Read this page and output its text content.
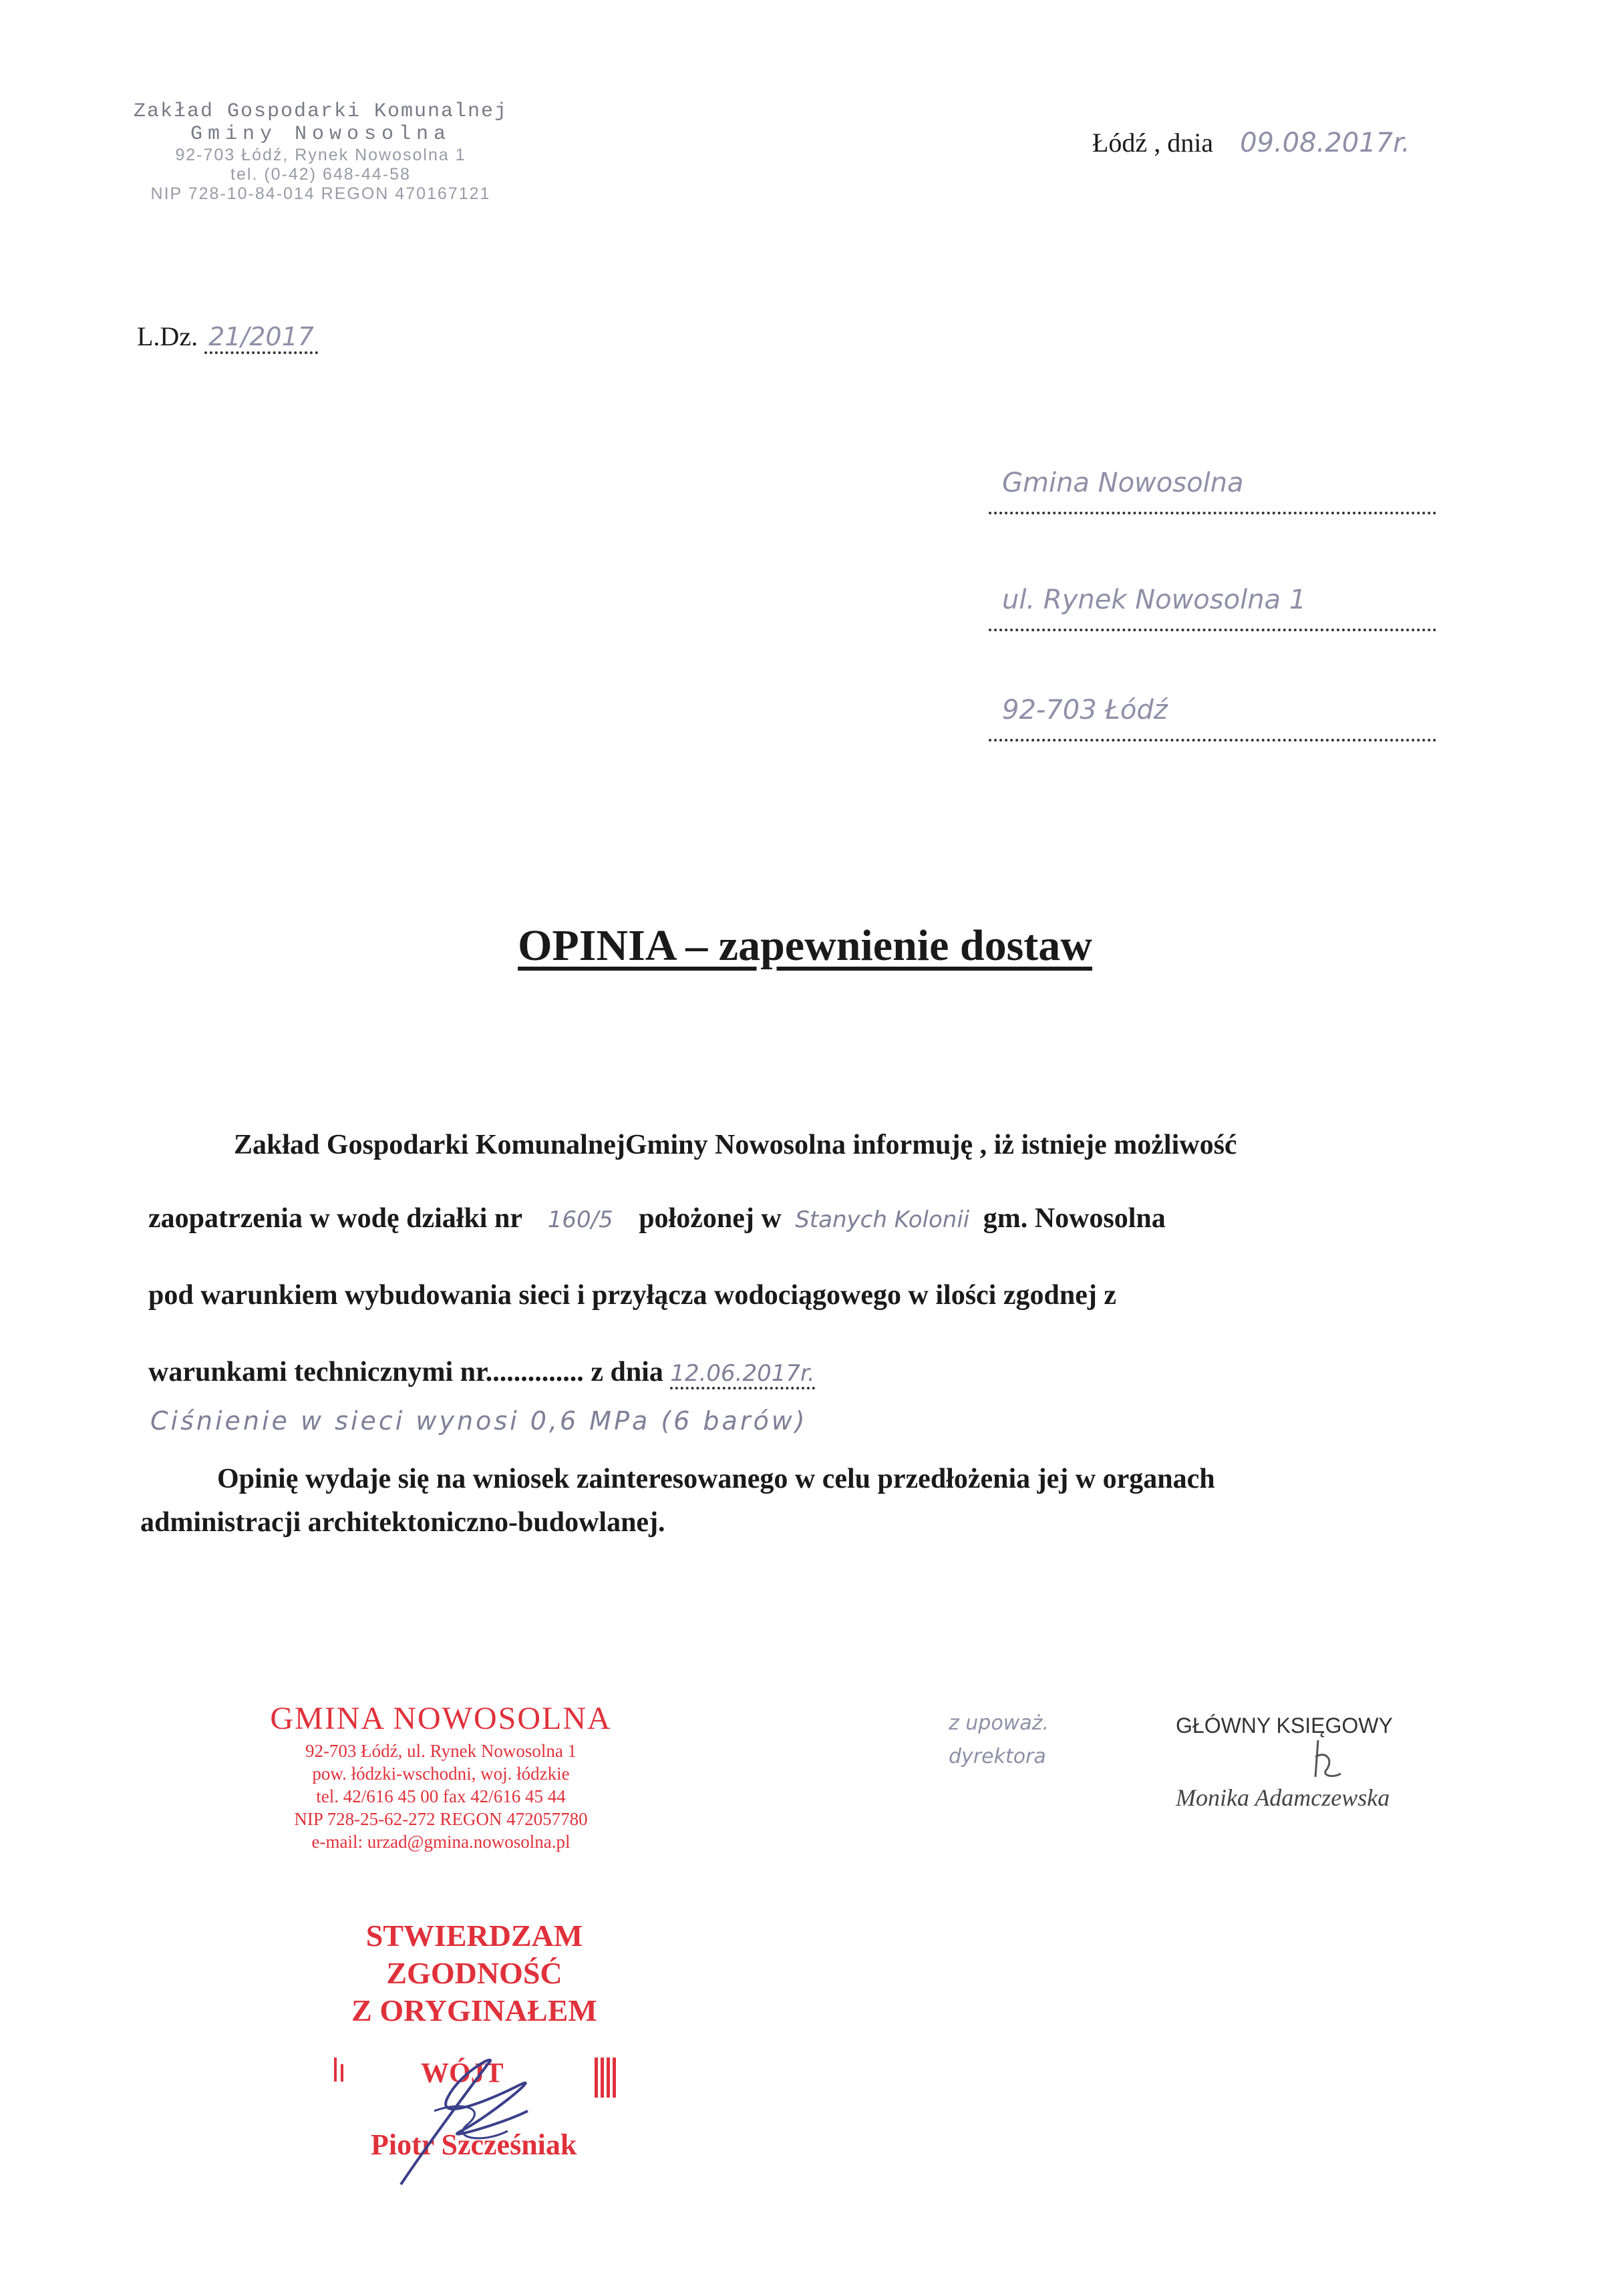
Zakład Gospodarki Komunalnej
Gminy Nowosolna
92-703 Łódź, Rynek Nowosolna 1
tel. (0-42) 648-44-58
NIP 728-10-84-014 REGON 470167121
Łódź , dnia 09.08.2017r.
L.Dz. 21/2017
Gmina Nowosolna
ul. Rynek Nowosolna 1
92-703 Łódź
OPINIA – zapewnienie dostaw
Zakład Gospodarki KomunalnejGminy Nowosolna informuję , iż istnieje możliwość
zaopatrzenia w wodę działki nr 160/5 położonej w Stanych Kolonii gm. Nowosolna
pod warunkiem wybudowania sieci i przyłącza wodociągowego w ilości zgodnej z
warunkami technicznymi nr.............. z dnia 12.06.2017r.
Ciśnienie w sieci wynosi 0,6 MPa (6 barów)
Opinię wydaje się na wniosek zainteresowanego w celu przedłożenia jej w organach
administracji architektoniczno-budowlanej.
GMINA NOWOSOLNA
92-703 Łódź, ul. Rynek Nowosolna 1
pow. łódzki-wschodni, woj. łódzkie
tel. 42/616 45 00 fax 42/616 45 44
NIP 728-25-62-272 REGON 472057780
e-mail: urzad@gmina.nowosolna.pl
STWIERDZAM
ZGODNOŚĆ
Z ORYGINAŁEM
WÓJT
Piotr Szcześniak
z upoważ.
dyrektora
GŁÓWNY KSIĘGOWY
Monika Adamczewska
